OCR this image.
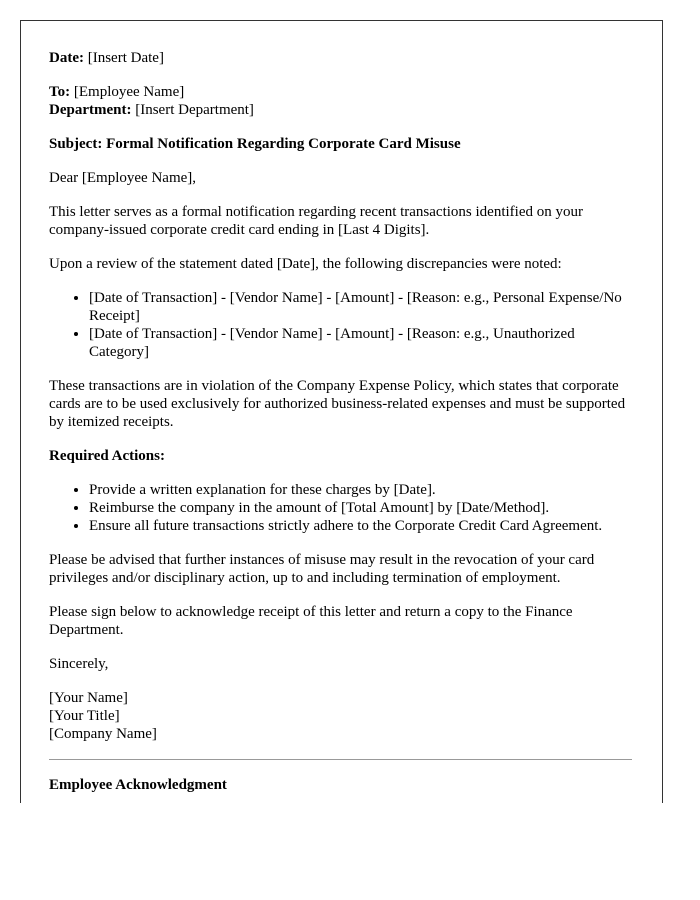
Date: [Insert Date]

To: [Employee Name]
Department: [Insert Department]

Subject: Formal Notification Regarding Corporate Card Misuse

Dear [Employee Name],

This letter serves as a formal notification regarding recent transactions identified on your company-issued corporate credit card ending in [Last 4 Digits].

Upon a review of the statement dated [Date], the following discrepancies were noted:

• [Date of Transaction] - [Vendor Name] - [Amount] - [Reason: e.g., Personal Expense/No Receipt]
• [Date of Transaction] - [Vendor Name] - [Amount] - [Reason: e.g., Unauthorized Category]

These transactions are in violation of the Company Expense Policy, which states that corporate cards are to be used exclusively for authorized business-related expenses and must be supported by itemized receipts.

Required Actions:

• Provide a written explanation for these charges by [Date].
• Reimburse the company in the amount of [Total Amount] by [Date/Method].
• Ensure all future transactions strictly adhere to the Corporate Credit Card Agreement.

Please be advised that further instances of misuse may result in the revocation of your card privileges and/or disciplinary action, up to and including termination of employment.

Please sign below to acknowledge receipt of this letter and return a copy to the Finance Department.

Sincerely,

[Your Name]
[Your Title]
[Company Name]

Employee Acknowledgment
